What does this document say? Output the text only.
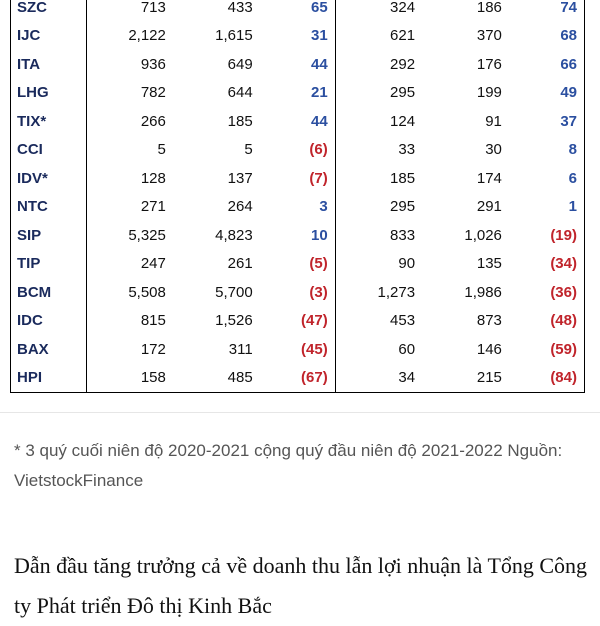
SZC	713	433	65	324	186	74
IJC	2,122	1,615	31	621	370	68
ITA	936	649	44	292	176	66
LHG	782	644	21	295	199	49
TIX*	266	185	44	124	91	37
CCI	5	5	(6)	33	30	8
IDV*	128	137	(7)	185	174	6
NTC	271	264	3	295	291	1
SIP	5,325	4,823	10	833	1,026	(19)
TIP	247	261	(5)	90	135	(34)
BCM	5,508	5,700	(3)	1,273	1,986	(36)
IDC	815	1,526	(47)	453	873	(48)
BAX	172	311	(45)	60	146	(59)
HPI	158	485	(67)	34	215	(84)
* 3 quý cuối niên độ 2020-2021 cộng quý đầu niên độ 2021-2022 Nguồn: VietstockFinance
Dẫn đầu tăng trưởng cả về doanh thu lẫn lợi nhuận là Tổng Công ty Phát triển Đô thị Kinh Bắc
